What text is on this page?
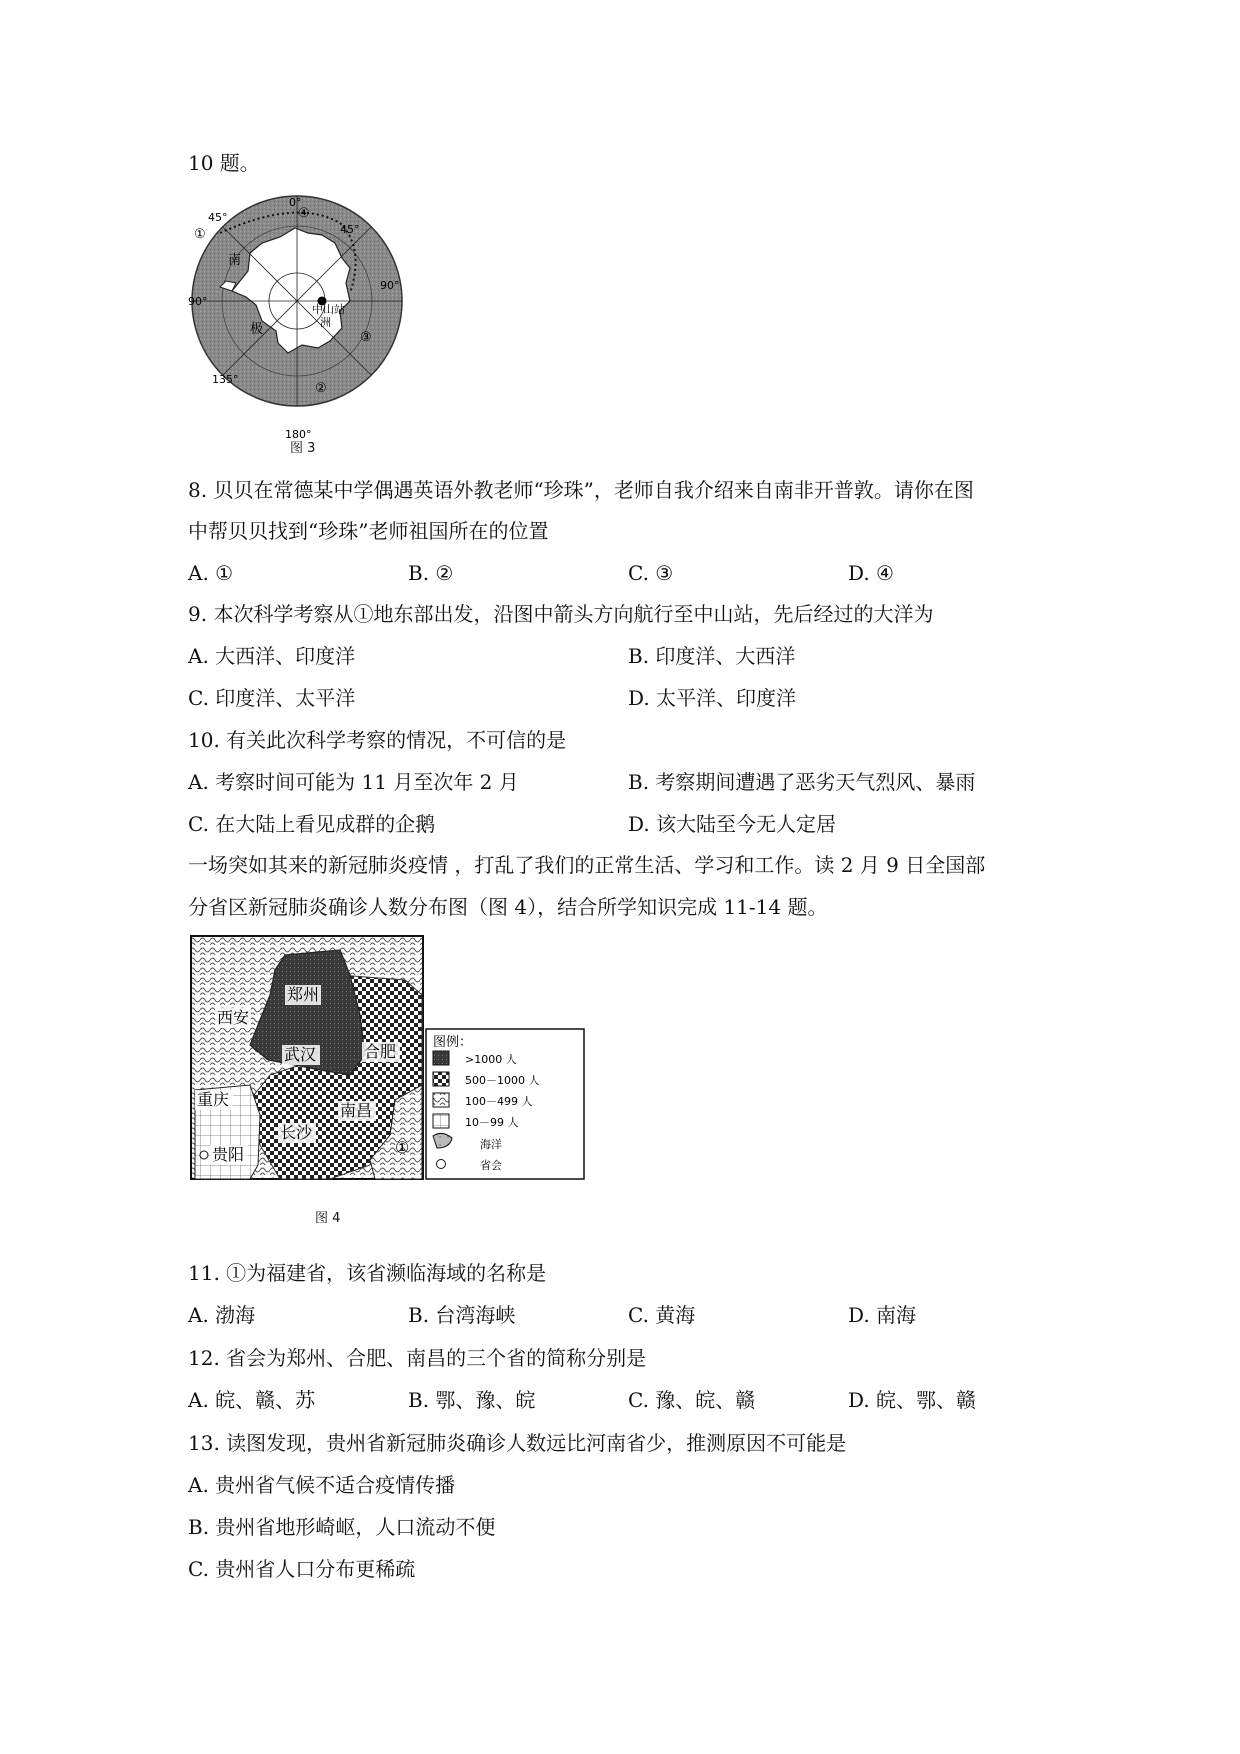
10 题。
0°
180°
90°
90°
45°
45°
135°
南
极	洲
中山站
①
②
③
④
图 3
8. 贝贝在常德某中学偶遇英语外教老师“珍珠”，老师自我介绍来自南非开普敦。请你在图
中帮贝贝找到“珍珠”老师祖国所在的位置
A. ①	B. ②	C. ③	D. ④
9. 本次科学考察从①地东部出发，沿图中箭头方向航行至中山站，先后经过的大洋为
A. 大西洋、印度洋	B. 印度洋、大西洋
C. 印度洋、太平洋	D. 太平洋、印度洋
10. 有关此次科学考察的情况，不可信的是
A. 考察时间可能为 11 月至次年 2 月	B. 考察期间遭遇了恶劣天气烈风、暴雨
C. 在大陆上看见成群的企鹅	D. 该大陆至今无人定居
一场突如其来的新冠肺炎疫情 ，打乱了我们的正常生活、学习和工作。读 2 月 9 日全国部
分省区新冠肺炎确诊人数分布图（图 4），结合所学知识完成 11-14 题。
郑州
西安
武汉	合肥
重庆
长沙
南昌
贵阳	①
图例：
>1000 人
500－1000 人
100－499 人
10－99 人
海洋
省会
图 4
11. ①为福建省，该省濒临海域的名称是
A. 渤海	B. 台湾海峡	C. 黄海	D. 南海
12. 省会为郑州、合肥、南昌的三个省的简称分别是
A. 皖、赣、苏	B. 鄂、豫、皖	C. 豫、皖、赣	D. 皖、鄂、赣
13. 读图发现，贵州省新冠肺炎确诊人数远比河南省少，推测原因不可能是
A. 贵州省气候不适合疫情传播
B. 贵州省地形崎岖，人口流动不便
C. 贵州省人口分布更稀疏
